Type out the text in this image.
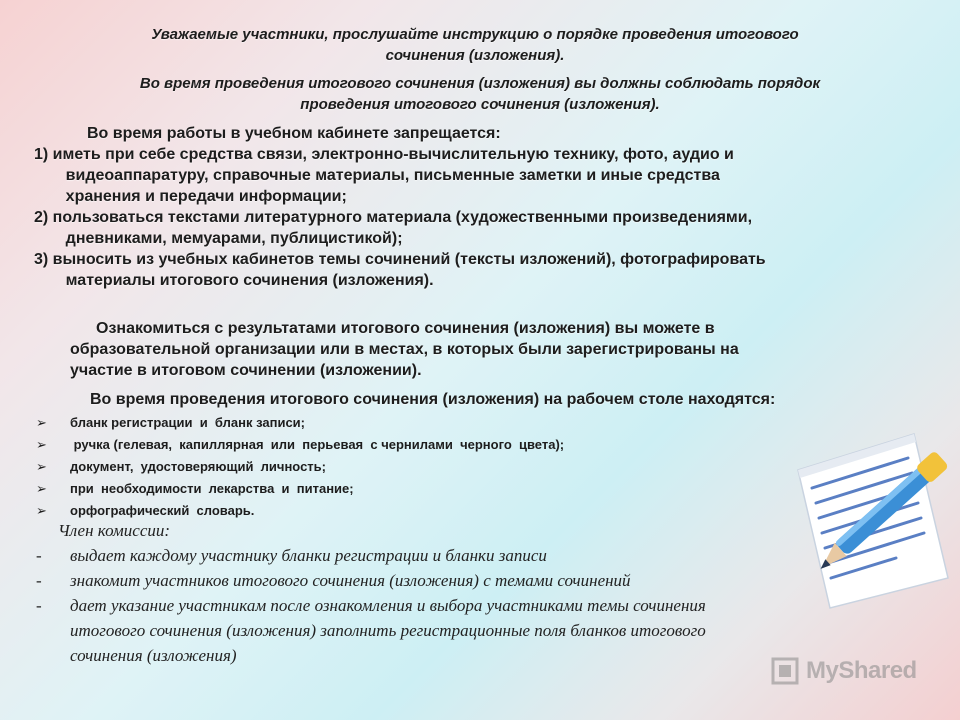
Уважаемые участники, прослушайте инструкцию о порядке проведения итогового
сочинения (изложения).
Во время проведения итогового сочинения (изложения) вы должны соблюдать порядок
проведения итогового сочинения (изложения).
Во время работы в учебном кабинете запрещается:
1) иметь при себе средства связи, электронно-вычислительную технику, фото, аудио и

видеоаппаратуру, справочные материалы, письменные заметки и иные средства

хранения и передачи информации;

2) пользоваться текстами литературного материала (художественными произведениями,

дневниками, мемуарами, публицистикой);

3) выносить из учебных кабинетов темы сочинений (тексты изложений), фотографировать

материалы итогового сочинения (изложения).

Ознакомиться с результатами итогового сочинения (изложения) вы можете в
образовательной организации или в местах, в которых были зарегистрированы на
участие в итоговом сочинении (изложении).
Во время проведения итогового сочинения (изложения) на рабочем столе находятся:
➢	бланк регистрации  и  бланк записи;
➢	ручка (гелевая,  капиллярная  или  перьевая  с чернилами  черного  цвета);
➢	документ,  удостоверяющий  личность;
➢	при  необходимости  лекарства  и  питание;
➢	орфографический  словарь.
Член комиссии:
-	выдает каждому участнику бланки регистрации и бланки записи
-	знакомит участников итогового сочинения (изложения) с темами сочинений
-	дает указание участникам после ознакомления и выбора участниками темы сочинения
итогового сочинения (изложения) заполнить регистрационные поля бланков итогового
сочинения (изложения)
MyShared
